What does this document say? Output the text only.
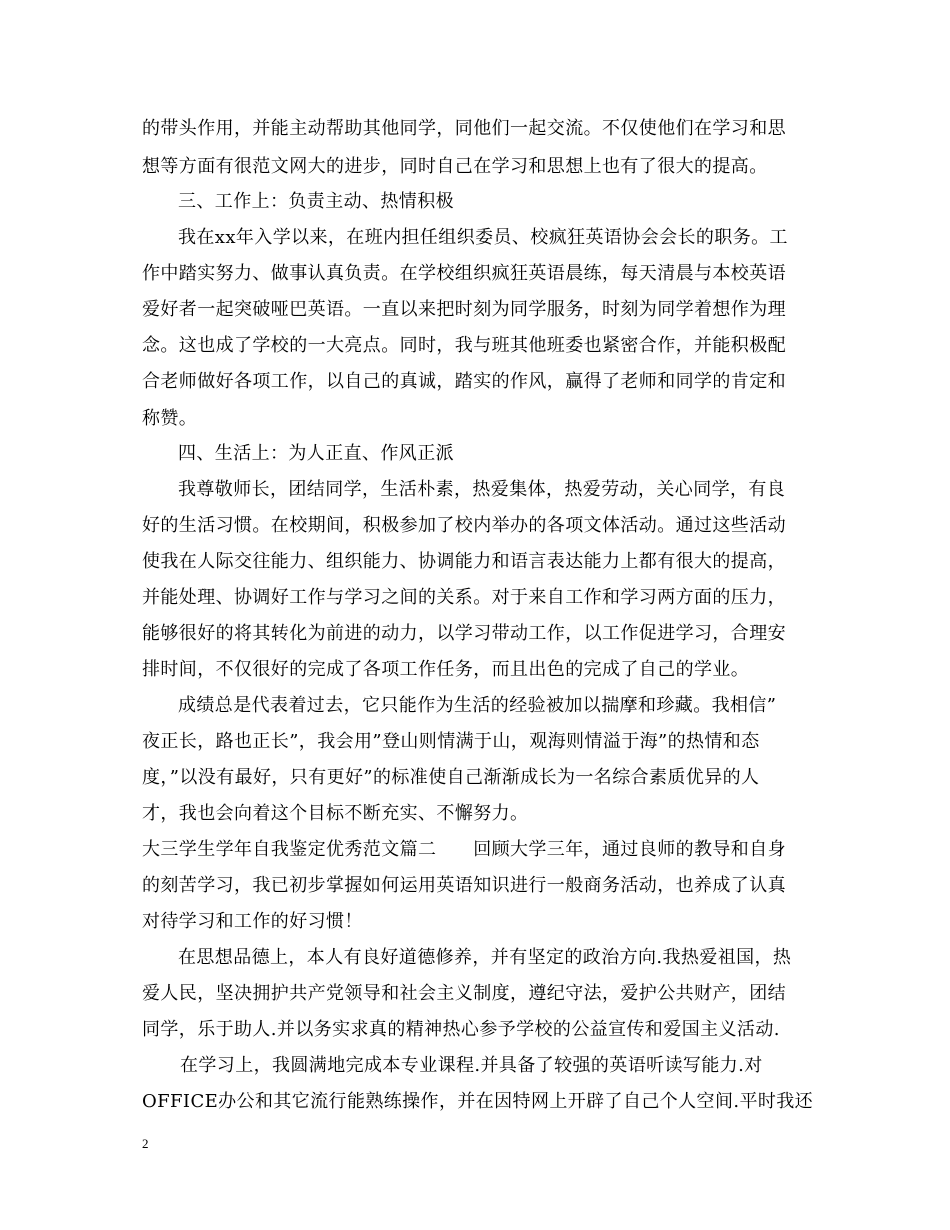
的带头作用，并能主动帮助其他同学，同他们一起交流。不仅使他们在学习和思
想等方面有很范文网大的进步，同时自己在学习和思想上也有了很大的提高。
三、工作上：负责主动、热情积极
我在xx年入学以来，在班内担任组织委员、校疯狂英语协会会长的职务。工
作中踏实努力、做事认真负责。在学校组织疯狂英语晨练，每天清晨与本校英语
爱好者一起突破哑巴英语。一直以来把时刻为同学服务，时刻为同学着想作为理
念。这也成了学校的一大亮点。同时，我与班其他班委也紧密合作，并能积极配
合老师做好各项工作，以自己的真诚，踏实的作风，赢得了老师和同学的肯定和
称赞。
四、生活上：为人正直、作风正派
我尊敬师长，团结同学，生活朴素，热爱集体，热爱劳动，关心同学，有良
好的生活习惯。在校期间，积极参加了校内举办的各项文体活动。通过这些活动
使我在人际交往能力、组织能力、协调能力和语言表达能力上都有很大的提高，
并能处理、协调好工作与学习之间的关系。对于来自工作和学习两方面的压力，
能够很好的将其转化为前进的动力，以学习带动工作，以工作促进学习，合理安
排时间，不仅很好的完成了各项工作任务，而且出色的完成了自己的学业。
成绩总是代表着过去，它只能作为生活的经验被加以揣摩和珍藏。我相信”
夜正长，路也正长”，我会用”登山则情满于山，观海则情溢于海”的热情和态
度，”以没有最好，只有更好”的标准使自己渐渐成长为一名综合素质优异的人
才，我也会向着这个目标不断充实、不懈努力。
大三学生学年自我鉴定优秀范文篇二　　回顾大学三年，通过良师的教导和自身
的刻苦学习，我已初步掌握如何运用英语知识进行一般商务活动，也养成了认真
对待学习和工作的好习惯！
在思想品德上，本人有良好道德修养，并有坚定的政治方向.我热爱祖国，热
爱人民，坚决拥护共产党领导和社会主义制度，遵纪守法，爱护公共财产，团结
同学，乐于助人.并以务实求真的精神热心参予学校的公益宣传和爱国主义活动.
在学习上，我圆满地完成本专业课程.并具备了较强的英语听读写能力.对
OFFICE办公和其它流行能熟练操作，并在因特网上开辟了自己个人空间.平时我还
2
